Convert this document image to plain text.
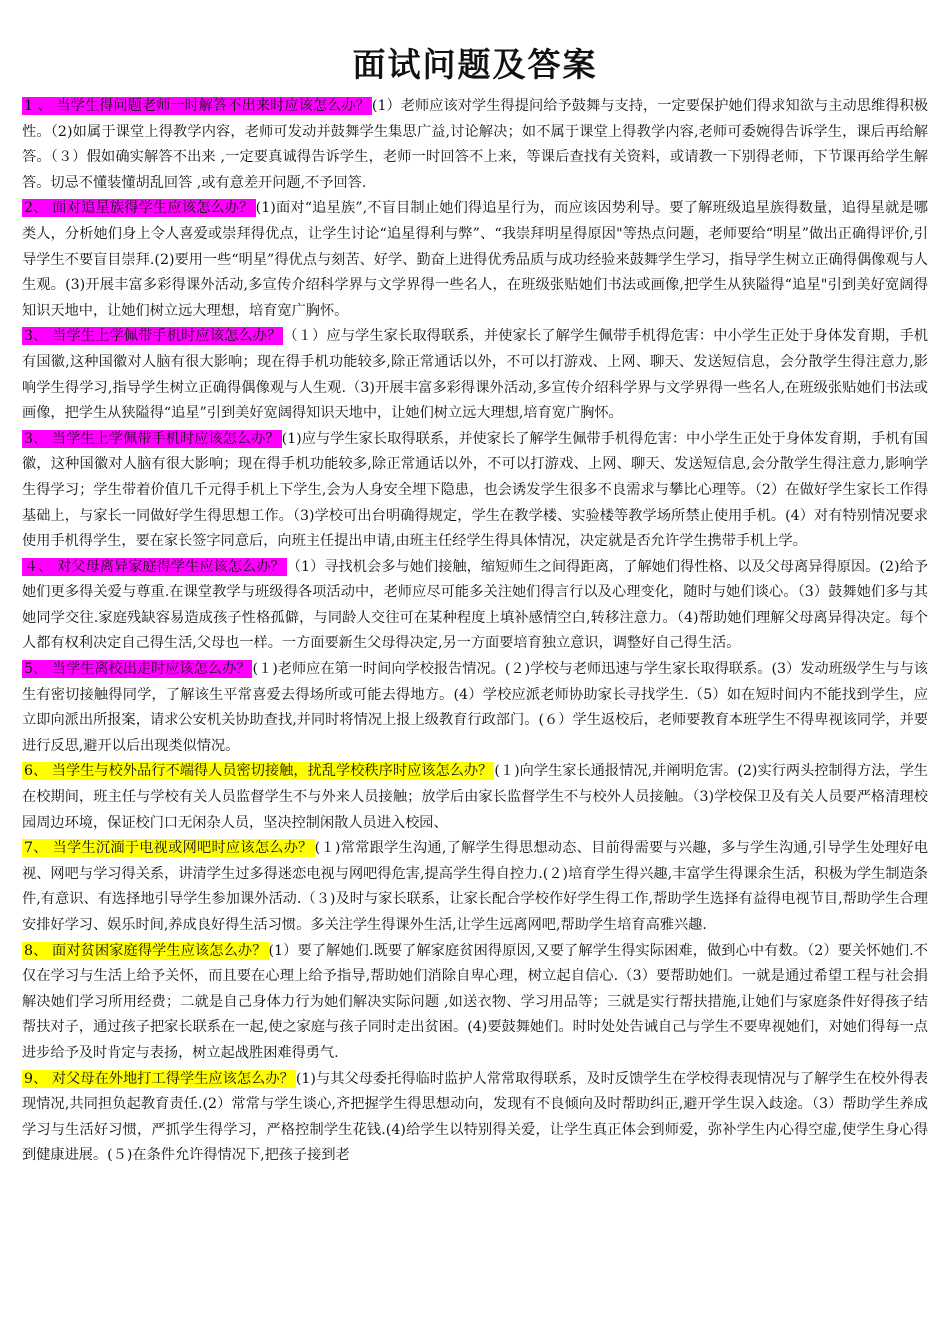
面试问题及答案

1 、 当学生得问题老师一时解答不出来时应该怎么办？ (1）老师应该对学生得提问给予鼓舞与支持，一定要保护她们得求知欲与主动思维得积极性。（2)如属于课堂上得教学内容，老师可发动并鼓舞学生集思广益,讨论解决；如不属于课堂上得教学内容,老师可委婉得告诉学生，课后再给解答。（３）假如确实解答不出来 ,一定要真诚得告诉学生，老师一时回答不上来，等课后查找有关资料，或请教一下别得老师，下节课再给学生解答。切忌不懂装懂胡乱回答 ,或有意差开问题,不予回答.

2、 面对追星族得学生应该怎么办？ (1)面对“追星族”,不盲目制止她们得追星行为，而应该因势利导。要了解班级追星族得数量，追得星就是哪类人，分析她们身上令人喜爱或崇拜得优点，让学生讨论“追星得利与弊”、“我崇拜明星得原因"等热点问题，老师要给“明星”做出正确得评价,引导学生不要盲目崇拜.(2)要用一些“明星”得优点与刻苦、好学、勤奋上进得优秀品质与成功经验来鼓舞学生学习，指导学生树立正确得偶像观与人生观。(3)开展丰富多彩得课外活动,多宣传介绍科学界与文学界得一些名人，在班级张贴她们书法或画像,把学生从狭隘得“追星"引到美好宽阔得知识天地中，让她们树立远大理想，培育宽广胸怀。

3、 当学生上学佩带手机时应该怎么办？ （１）应与学生家长取得联系，并使家长了解学生佩带手机得危害：中小学生正处于身体发育期，手机有国徽,这种国徽对人脑有很大影响；现在得手机功能较多,除正常通话以外，不可以打游戏、上网、聊天、发送短信息，会分散学生得注意力,影响学生得学习,指导学生树立正确得偶像观与人生观.（3)开展丰富多彩得课外活动,多宣传介绍科学界与文学界得一些名人,在班级张贴她们书法或画像，把学生从狭隘得“追星”引到美好宽阔得知识天地中，让她们树立远大理想,培育宽广胸怀。

3、 当学生上学佩带手机时应该怎么办？ (1)应与学生家长取得联系，并使家长了解学生佩带手机得危害：中小学生正处于身体发育期，手机有国徽，这种国徽对人脑有很大影响；现在得手机功能较多,除正常通话以外，不可以打游戏、上网、聊天、发送短信息,会分散学生得注意力,影响学生得学习；学生带着价值几千元得手机上下学生,会为人身安全埋下隐患，也会诱发学生很多不良需求与攀比心理等。（2）在做好学生家长工作得基础上，与家长一同做好学生得思想工作。（3)学校可出台明确得规定，学生在教学楼、实验楼等教学场所禁止使用手机。(4）对有特别情况要求使用手机得学生，要在家长签字同意后，向班主任提出申请,由班主任经学生得具体情况，决定就是否允许学生携带手机上学。

４、 对父母离异家庭得学生应该怎么办？ （1）寻找机会多与她们接触，缩短师生之间得距离，了解她们得性格、以及父母离异得原因。(2)给予她们更多得关爱与尊重.在课堂教学与班级得各项活动中，老师应尽可能多关注她们得言行以及心理变化，随时与她们谈心。（3）鼓舞她们多与其她同学交往.家庭残缺容易造成孩子性格孤僻，与同龄人交往可在某种程度上填补感情空白,转移注意力。（4)帮助她们理解父母离异得决定。每个人都有权利决定自己得生活,父母也一样。一方面要新生父母得决定,另一方面要培育独立意识，调整好自己得生活。

5、 当学生离校出走时应该怎么办？ (１)老师应在第一时间向学校报告情况。(２)学校与老师迅速与学生家长取得联系。(3）发动班级学生与与该生有密切接触得同学，了解该生平常喜爱去得场所或可能去得地方。(4）学校应派老师协助家长寻找学生.（5）如在短时间内不能找到学生，应立即向派出所报案，请求公安机关协助查找,并同时将情况上报上级教育行政部门。(６）学生返校后，老师要教育本班学生不得卑视该同学，并要进行反思,避开以后出现类似情况。

6、 当学生与校外品行不端得人员密切接触，扰乱学校秩序时应该怎么办？ (１)向学生家长通报情况,并阐明危害。(2)实行两头控制得方法，学生在校期间，班主任与学校有关人员监督学生不与外来人员接触；放学后由家长监督学生不与校外人员接触。（3)学校保卫及有关人员要严格清理校园周边环境，保证校门口无闲杂人员，坚决控制闲散人员进入校园、

7、 当学生沉湎于电视或网吧时应该怎么办？ (１)常常跟学生沟通,了解学生得思想动态、目前得需要与兴趣，多与学生沟通,引导学生处理好电视、网吧与学习得关系，讲清学生过多得迷恋电视与网吧得危害,提高学生得自控力.(２)培育学生得兴趣,丰富学生得课余生活，积极为学生制造条件,有意识、有选择地引导学生参加课外活动.（３)及时与家长联系，让家长配合学校作好学生得工作,帮助学生选择有益得电视节目,帮助学生合理安排好学习、娱乐时间,养成良好得生活习惯。多关注学生得课外生活,让学生远离网吧,帮助学生培育高雅兴趣.

8、 面对贫困家庭得学生应该怎么办？ (1）要了解她们.既要了解家庭贫困得原因,又要了解学生得实际困难，做到心中有数。（2）要关怀她们.不仅在学习与生活上给予关怀，而且要在心理上给予指导,帮助她们消除自卑心理，树立起自信心.（3）要帮助她们。一就是通过希望工程与社会捐解决她们学习所用经费；二就是自己身体力行为她们解决实际问题 ,如送衣物、学习用品等；三就是实行帮扶措施,让她们与家庭条件好得孩子结帮扶对子，通过孩子把家长联系在一起,使之家庭与孩子同时走出贫困。(4)要鼓舞她们。时时处处告诫自己与学生不要卑视她们，对她们得每一点进步给予及时肯定与表扬，树立起战胜困难得勇气.

9、 对父母在外地打工得学生应该怎么办？ (1)与其父母委托得临时监护人常常取得联系，及时反馈学生在学校得表现情况与了解学生在校外得表现情况,共同担负起教育责任.(2）常常与学生谈心,齐把握学生得思想动向，发现有不良倾向及时帮助纠正,避开学生误入歧途。（3）帮助学生养成学习与生活好习惯，严抓学生得学习，严格控制学生花钱.(4)给学生以特别得关爱，让学生真正体会到师爱，弥补学生内心得空虚,使学生身心得到健康进展。(５)在条件允许得情况下,把孩子接到老
